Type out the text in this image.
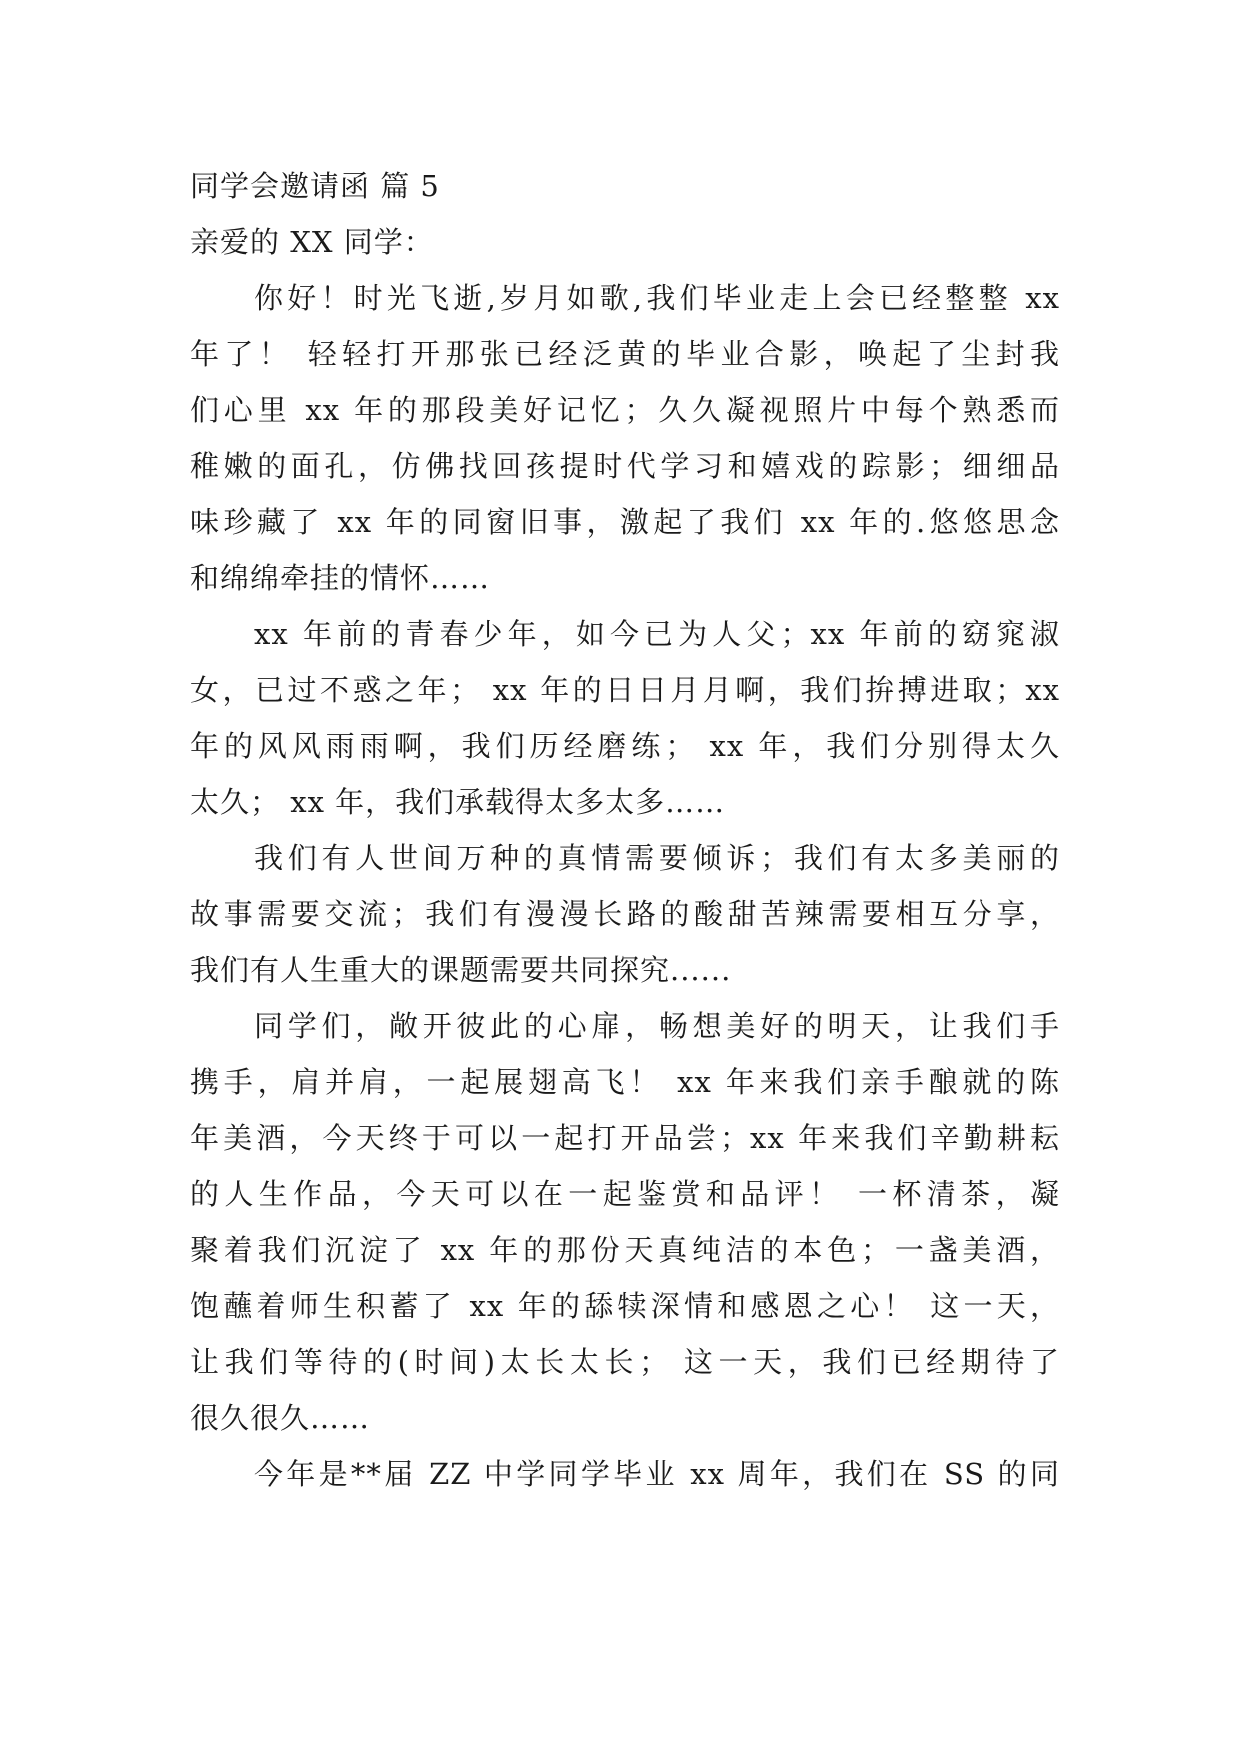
同学会邀请函 篇 5
亲爱的 XX 同学：
你好！时光飞逝,岁月如歌,我们毕业走上会已经整整 xx
年了！ 轻轻打开那张已经泛黄的毕业合影，唤起了尘封我
们心里 xx 年的那段美好记忆；久久凝视照片中每个熟悉而
稚嫩的面孔，仿佛找回孩提时代学习和嬉戏的踪影；细细品
味珍藏了 xx 年的同窗旧事，激起了我们 xx 年的.悠悠思念
和绵绵牵挂的情怀……
xx 年前的青春少年，如今已为人父；xx 年前的窈窕淑
女，已过不惑之年； xx 年的日日月月啊，我们拚搏进取；xx
年的风风雨雨啊，我们历经磨练； xx 年，我们分别得太久
太久； xx 年，我们承载得太多太多……
我们有人世间万种的真情需要倾诉；我们有太多美丽的
故事需要交流；我们有漫漫长路的酸甜苦辣需要相互分享，
我们有人生重大的课题需要共同探究......
同学们，敞开彼此的心扉，畅想美好的明天，让我们手
携手，肩并肩，一起展翅高飞！ xx 年来我们亲手酿就的陈
年美酒，今天终于可以一起打开品尝；xx 年来我们辛勤耕耘
的人生作品，今天可以在一起鉴赏和品评！ 一杯清茶，凝
聚着我们沉淀了 xx 年的那份天真纯洁的本色；一盏美酒，
饱蘸着师生积蓄了 xx 年的舔犊深情和感恩之心！ 这一天，
让我们等待的(时间)太长太长； 这一天，我们已经期待了
很久很久……
今年是**届 ZZ 中学同学毕业 xx 周年，我们在 SS 的同
